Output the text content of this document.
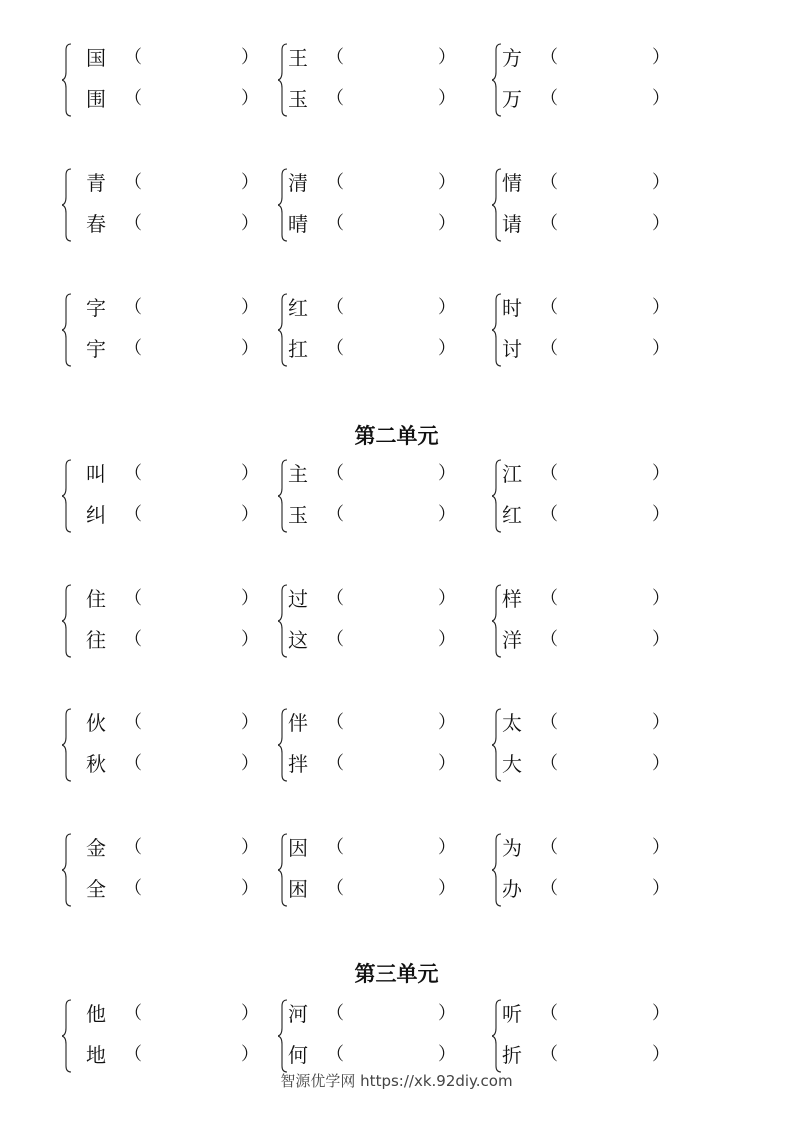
国 （	）
围 （	）
王 （	）
玉 （	）
方 （	）
万 （	）
青 （	）
春 （	）
清 （	）
晴 （	）
情 （	）
请 （	）
字 （	）
宇 （	）
红 （	）
扛 （	）
时 （	）
讨 （	）
第二单元
叫 （	）
纠 （	）
主 （	）
玉 （	）
江 （	）
红 （	）
住 （	）
往 （	）
过 （	）
这 （	）
样 （	）
洋 （	）
伙 （	）
秋 （	）
伴 （	）
拌 （	）
太 （	）
大 （	）
金 （	）
全 （	）
因 （	）
困 （	）
为 （	）
办 （	）
第三单元
他 （	）
地 （	）
河 （	）
何 （	）
听 （	）
折 （	）
智源优学网 https://xk.92diy.com
